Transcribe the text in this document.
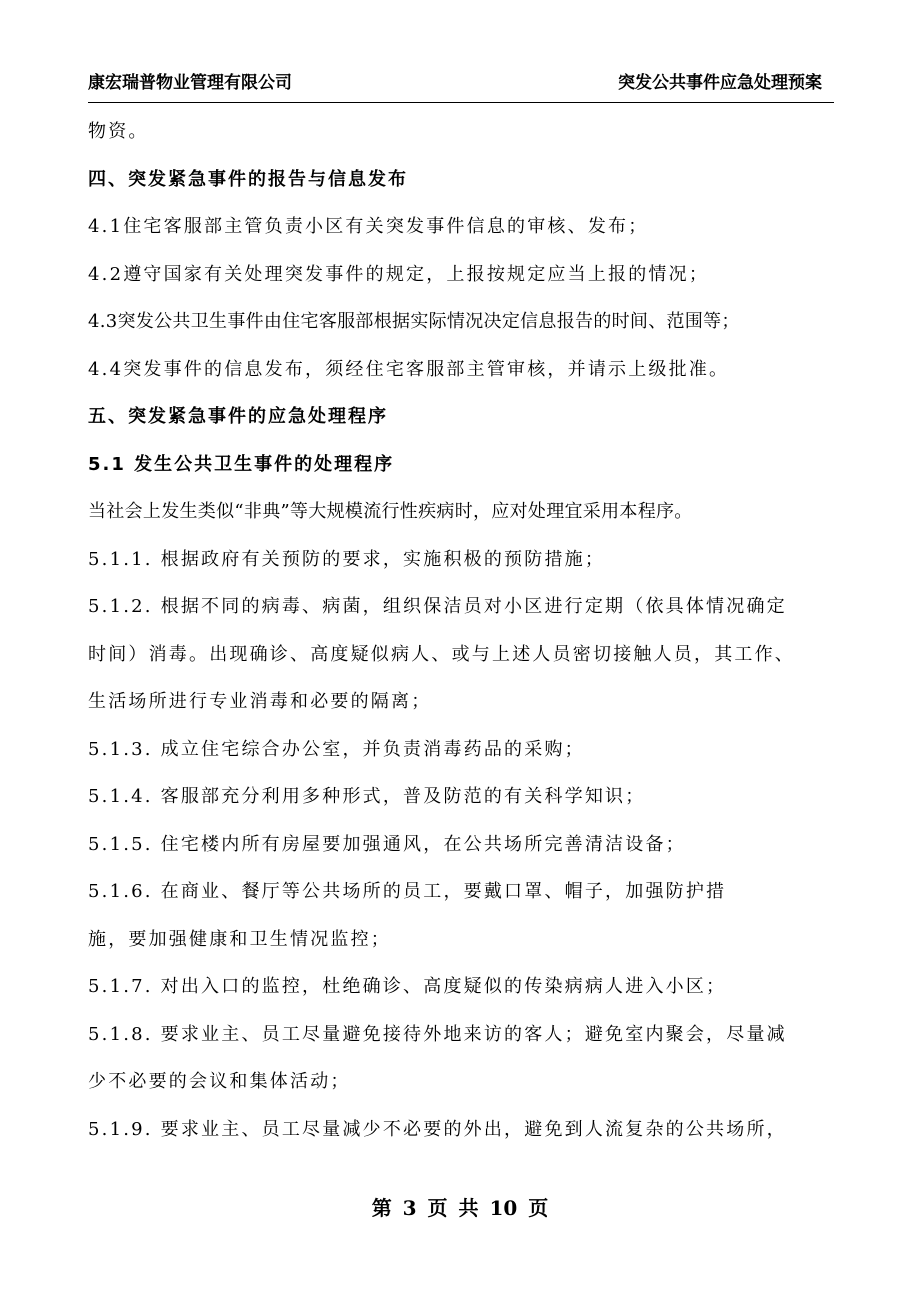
康宏瑞普物业管理有限公司	突发公共事件应急处理预案
物资。
四、突发紧急事件的报告与信息发布
4.1住宅客服部主管负责小区有关突发事件信息的审核、发布；
4.2遵守国家有关处理突发事件的规定，上报按规定应当上报的情况；
4.3突发公共卫生事件由住宅客服部根据实际情况决定信息报告的时间、范围等；
4.4突发事件的信息发布，须经住宅客服部主管审核，并请示上级批准。
五、突发紧急事件的应急处理程序
5.1 发生公共卫生事件的处理程序
当社会上发生类似“非典”等大规模流行性疾病时，应对处理宜采用本程序。
5.1.1. 根据政府有关预防的要求，实施积极的预防措施；
5.1.2. 根据不同的病毒、病菌，组织保洁员对小区进行定期（依具体情况确定
时间）消毒。出现确诊、高度疑似病人、或与上述人员密切接触人员，其工作、
生活场所进行专业消毒和必要的隔离；
5.1.3. 成立住宅综合办公室，并负责消毒药品的采购；
5.1.4. 客服部充分利用多种形式，普及防范的有关科学知识；
5.1.5. 住宅楼内所有房屋要加强通风，在公共场所完善清洁设备；
5.1.6. 在商业、餐厅等公共场所的员工，要戴口罩、帽子，加强防护措
施，要加强健康和卫生情况监控；
5.1.7. 对出入口的监控，杜绝确诊、高度疑似的传染病病人进入小区；
5.1.8. 要求业主、员工尽量避免接待外地来访的客人；避免室内聚会，尽量减
少不必要的会议和集体活动；
5.1.9. 要求业主、员工尽量减少不必要的外出，避免到人流复杂的公共场所，
第 3 页 共 10 页
